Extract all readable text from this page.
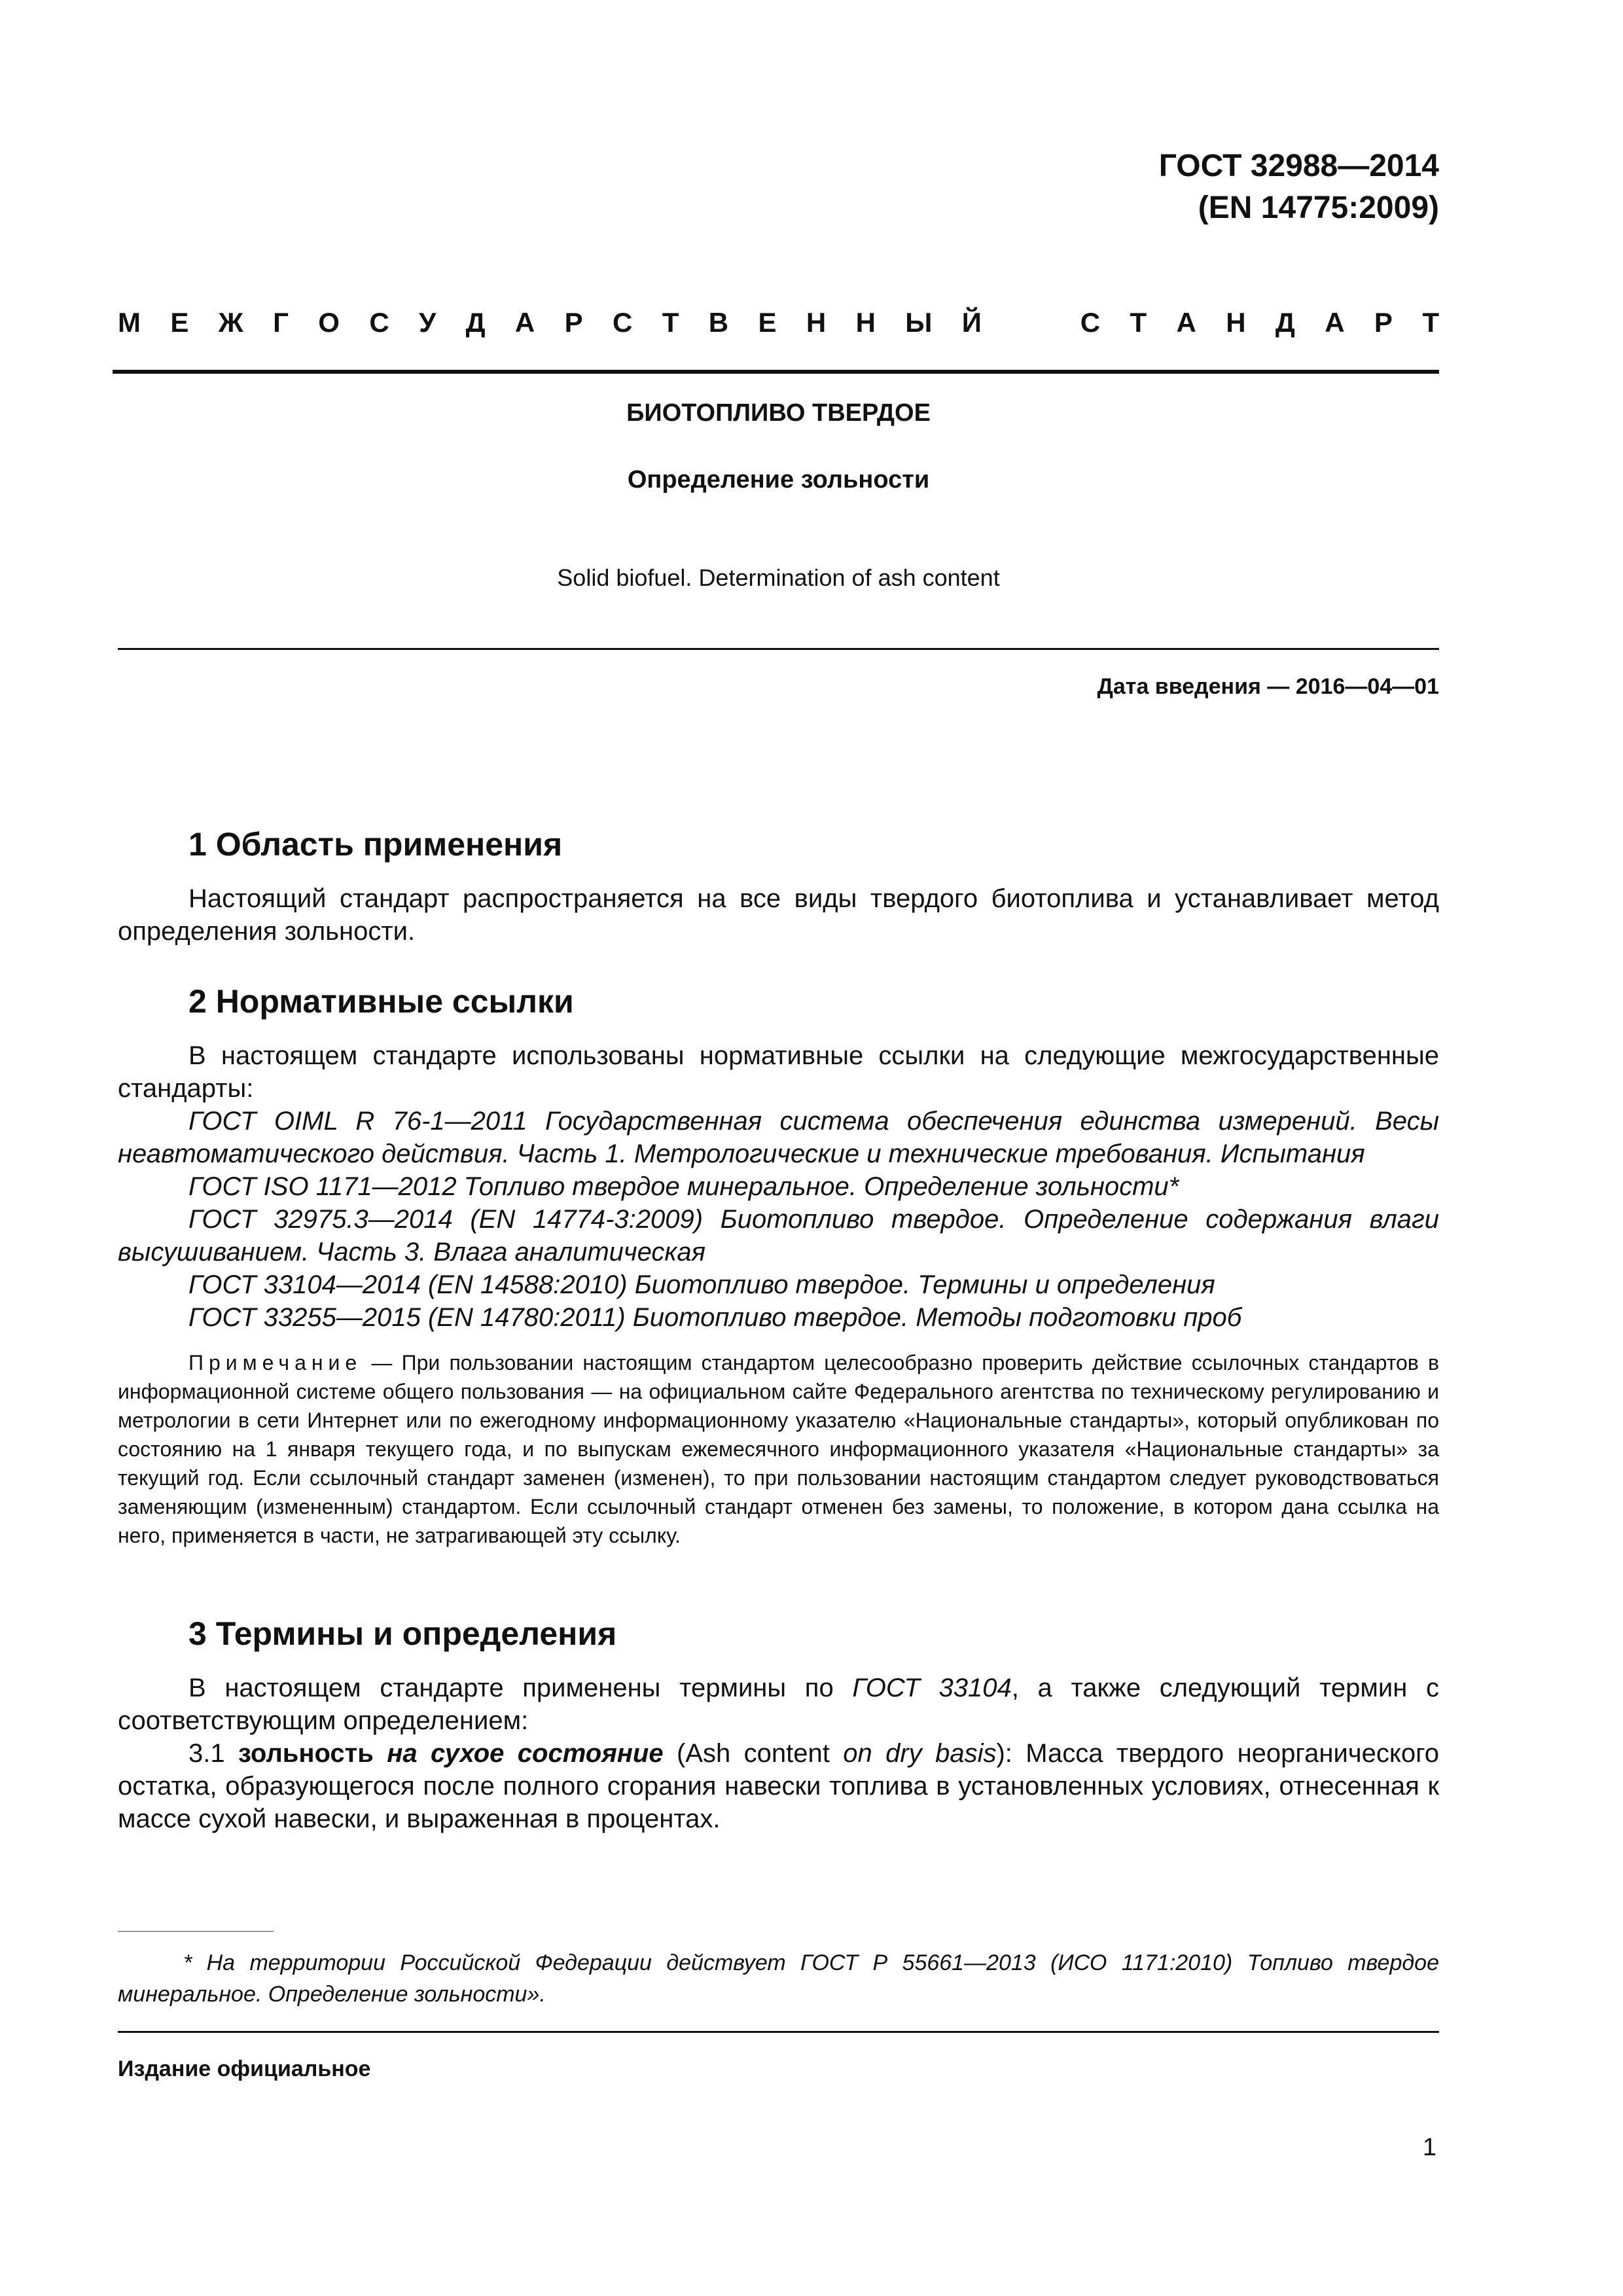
ГОСТ 32988—2014
(EN 14775:2009)
М Е Ж Г О С У Д А Р С Т В Е Н Н Ы Й	С Т А Н Д А Р Т
БИОТОПЛИВО ТВЕРДОЕ
Определение зольности
Solid biofuel. Determination of ash content
Дата введения — 2016—04—01
1 Область применения

Настоящий стандарт распространяется на все виды твердого биотоплива и устанавливает метод определения зольности.

2 Нормативные ссылки

В настоящем стандарте использованы нормативные ссылки на следующие межгосударственные стандарты:

ГОСТ OIML R 76-1—2011 Государственная система обеспечения единства измерений. Весы неавтоматического действия. Часть 1. Метрологические и технические требования. Испытания

ГОСТ ISO 1171—2012 Топливо твердое минеральное. Определение зольности*

ГОСТ 32975.3—2014 (EN 14774-3:2009) Биотопливо твердое. Определение содержания влаги высушиванием. Часть 3. Влага аналитическая

ГОСТ 33104—2014 (EN 14588:2010) Биотопливо твердое. Термины и определения

ГОСТ 33255—2015 (EN 14780:2011) Биотопливо твердое. Методы подготовки проб

Примечание — При пользовании настоящим стандартом целесообразно проверить действие ссылочных стандартов в информационной системе общего пользования — на официальном сайте Федерального агентства по техническому регулированию и метрологии в сети Интернет или по ежегодному информационному указателю «Национальные стандарты», который опубликован по состоянию на 1 января текущего года, и по выпускам ежемесячного информационного указателя «Национальные стандарты» за текущий год. Если ссылочный стандарт заменен (изменен), то при пользовании настоящим стандартом следует руководствоваться заменяющим (измененным) стандартом. Если ссылочный стандарт отменен без замены, то положение, в котором дана ссылка на него, применяется в части, не затрагивающей эту ссылку.

3 Термины и определения

В настоящем стандарте применены термины по ГОСТ 33104, а также следующий термин с соответствующим определением:

3.1 зольность на сухое состояние (Ash content on dry basis): Масса твердого неорганического остатка, образующегося после полного сгорания навески топлива в установленных условиях, отнесенная к массе сухой навески, и выраженная в процентах.

* На территории Российской Федерации действует ГОСТ Р 55661—2013 (ИСО 1171:2010) Топливо твердое минеральное. Определение зольности».

Издание официальное
1
